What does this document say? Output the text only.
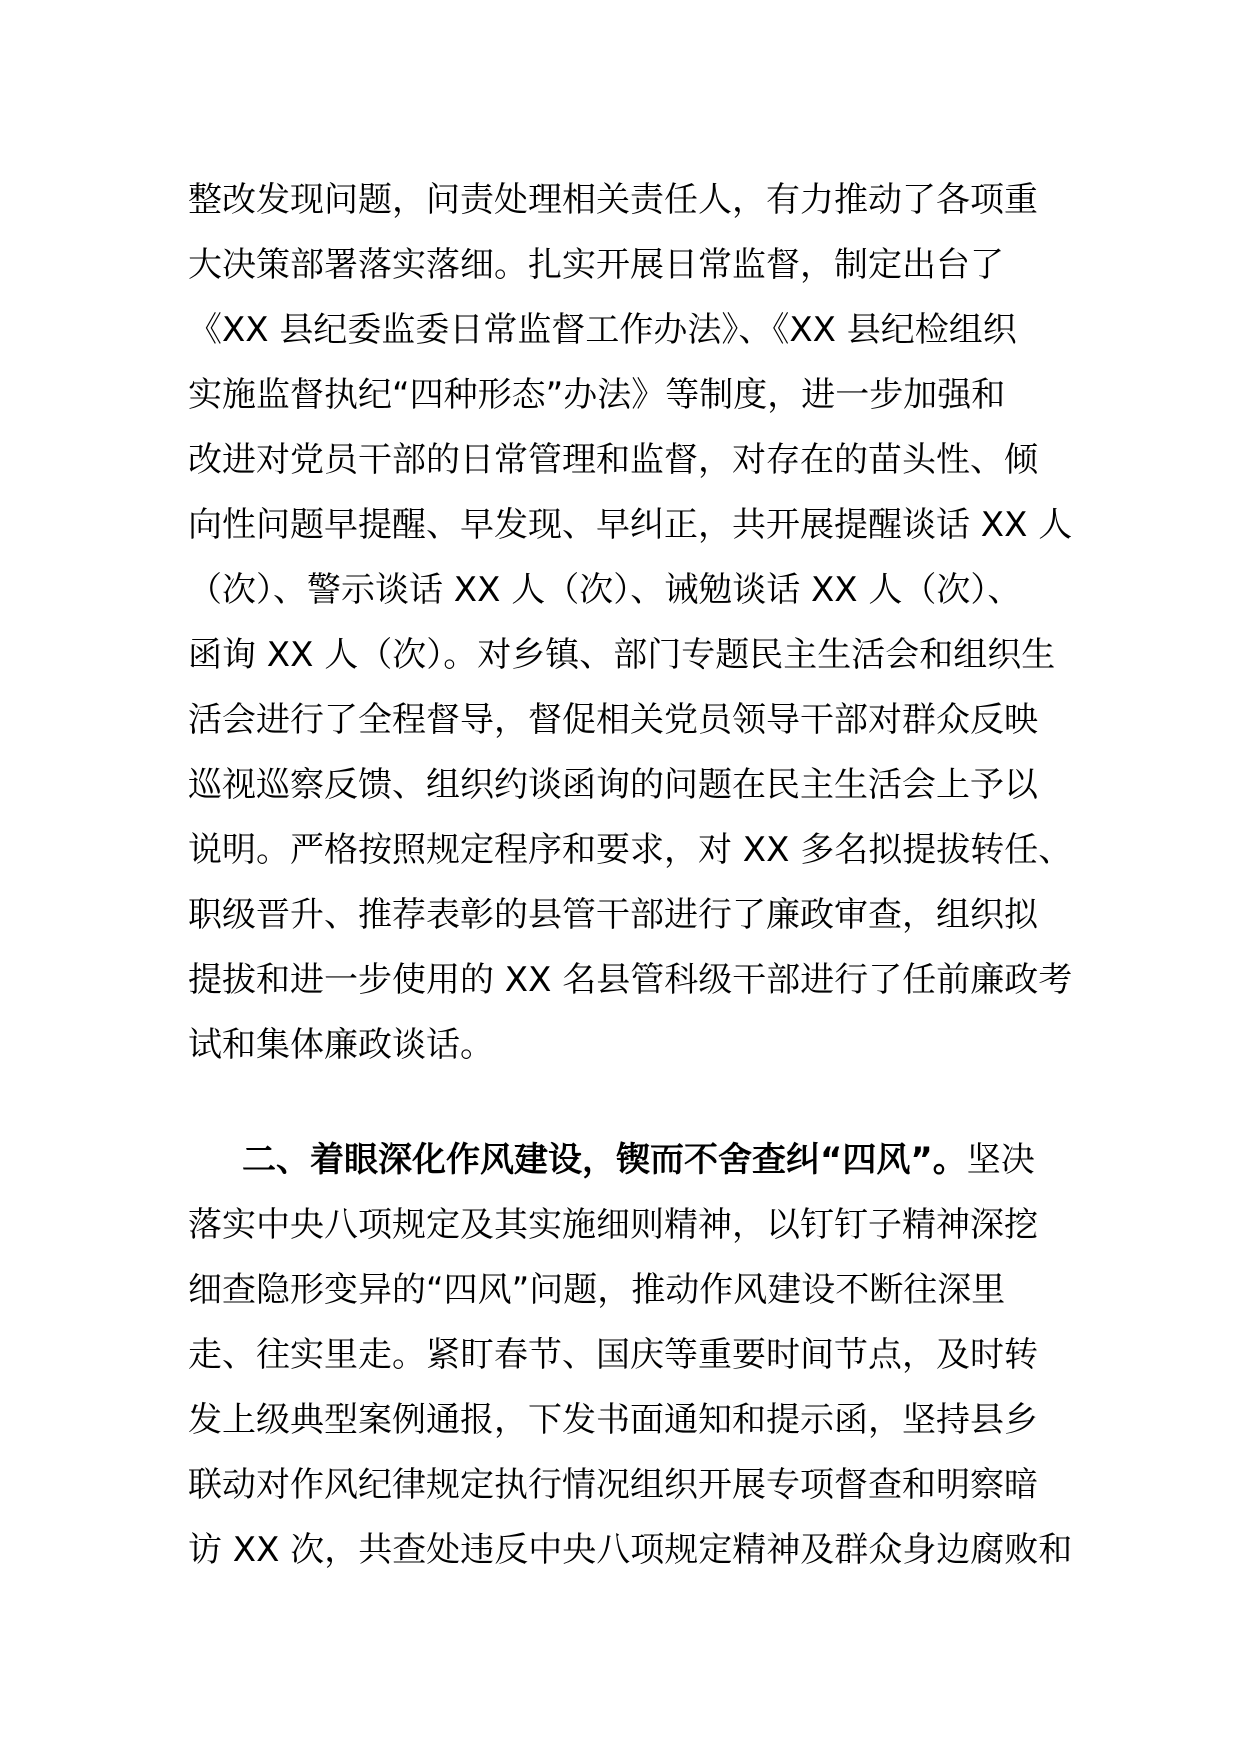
整改发现问题，问责处理相关责任人，有力推动了各项重
大决策部署落实落细。扎实开展日常监督，制定出台了
《XX 县纪委监委日常监督工作办法》、《XX 县纪检组织
实施监督执纪“四种形态”办法》等制度，进一步加强和
改进对党员干部的日常管理和监督，对存在的苗头性、倾
向性问题早提醒、早发现、早纠正，共开展提醒谈话 XX 人
（次）、警示谈话 XX 人（次）、诫勉谈话 XX 人（次）、
函询 XX 人（次）。对乡镇、部门专题民主生活会和组织生
活会进行了全程督导，督促相关党员领导干部对群众反映
巡视巡察反馈、组织约谈函询的问题在民主生活会上予以
说明。严格按照规定程序和要求，对 XX 多名拟提拔转任、
职级晋升、推荐表彰的县管干部进行了廉政审查，组织拟
提拔和进一步使用的 XX 名县管科级干部进行了任前廉政考
试和集体廉政谈话。
二、着眼深化作风建设，锲而不舍查纠“四风”。坚决
落实中央八项规定及其实施细则精神，以钉钉子精神深挖
细查隐形变异的“四风”问题，推动作风建设不断往深里
走、往实里走。紧盯春节、国庆等重要时间节点，及时转
发上级典型案例通报，下发书面通知和提示函，坚持县乡
联动对作风纪律规定执行情况组织开展专项督查和明察暗
访 XX 次，共查处违反中央八项规定精神及群众身边腐败和
